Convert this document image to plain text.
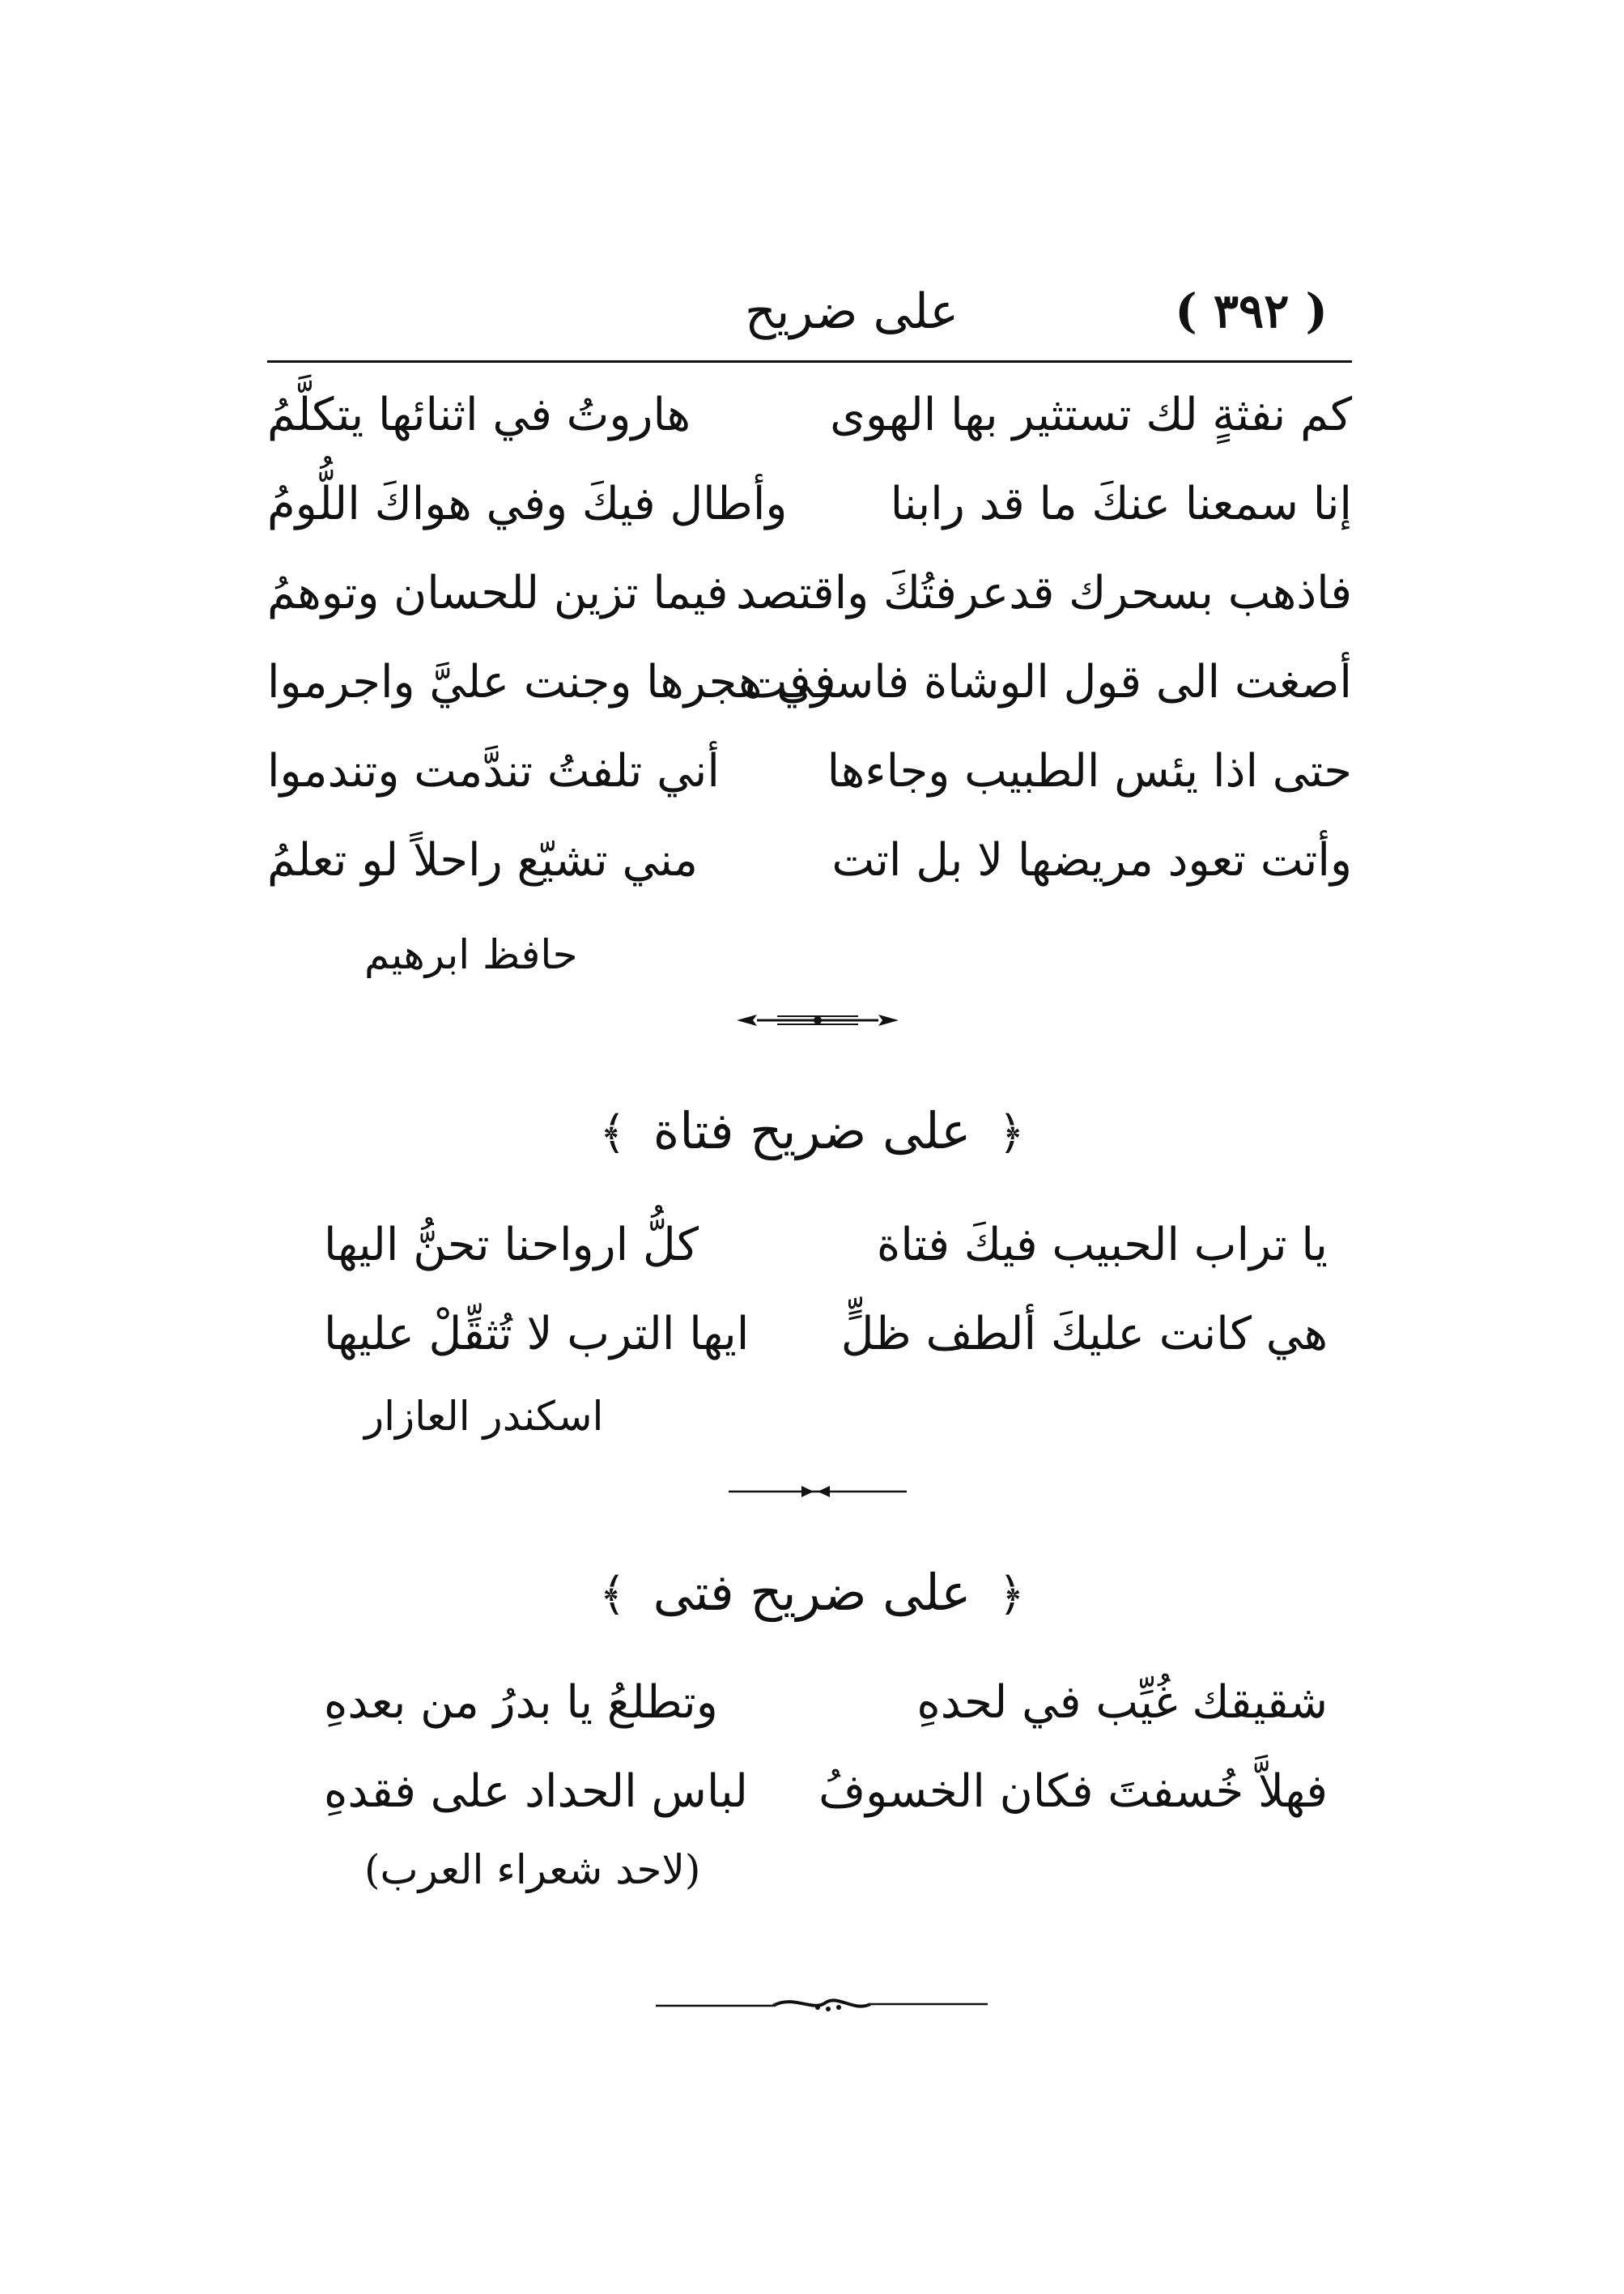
على ضريح	( ٣٩٢ )
كم نفثةٍ لك تستثير بها الهوى
هاروتُ في اثنائها يتكلَّمُ
إنا سمعنا عنكَ ما قد رابنا
وأطال فيكَ وفي هواكَ اللُّومُ
فاذهب بسحرك قدعرفتُكَ واقتصد
فيما تزين للحسان وتوهمُ
أصغت الى قول الوشاة فاسرفت
في هجرها وجنت عليَّ واجرموا
حتى اذا يئس الطبيب وجاءها
أني تلفتُ تندَّمت وتندموا
وأتت تعود مريضها لا بل اتت
مني تشيّع راحلاً لو تعلمُ
حافظ ابرهيم
﴿ على ضريح فتاة ﴾
يا تراب الحبيب فيكَ فتاة
كلُّ ارواحنا تحنُّ اليها
هي كانت عليكَ ألطف ظلٍّ
ايها الترب لا تُثقِّلْ عليها
اسكندر العازار
﴿ على ضريح فتى ﴾
شقيقك غُيِّب في لحدهِ
وتطلعُ يا بدرُ من بعدهِ
فهلاَّ خُسفتَ فكان الخسوفُ
لباس الحداد على فقدهِ
(لاحد شعراء العرب)
